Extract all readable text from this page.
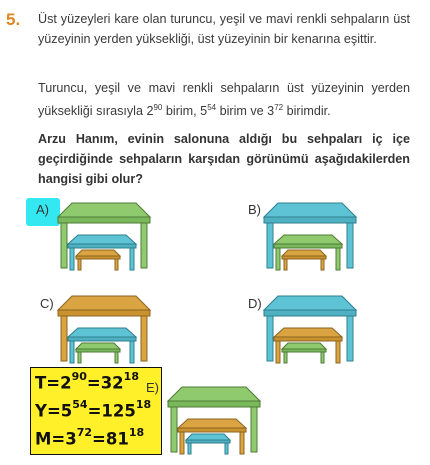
5. Üst yüzeyleri kare olan turuncu, yeşil ve mavi renkli sehpaların üst yüzeyinin yerden yüksekliği, üst yüzeyinin bir kenarına eşittir.

Turuncu, yeşil ve mavi renkli sehpaların üst yüzeyinin yerden yüksekliği sırasıyla $2^{90}$ birim, $5^{54}$ birim ve $3^{72}$ birimdir.

Arzu Hanım, evinin salonuna aldığı bu sehpaları iç içe geçirdiğinde sehpaların karşıdan görünümü aşağıdakilerden hangisi gibi olur?

A)	B)
C)	D)
$T=2^{90}=32^{18}$
$Y=5^{54}=125^{18}$
$M=3^{72}=81^{18}$
E)
